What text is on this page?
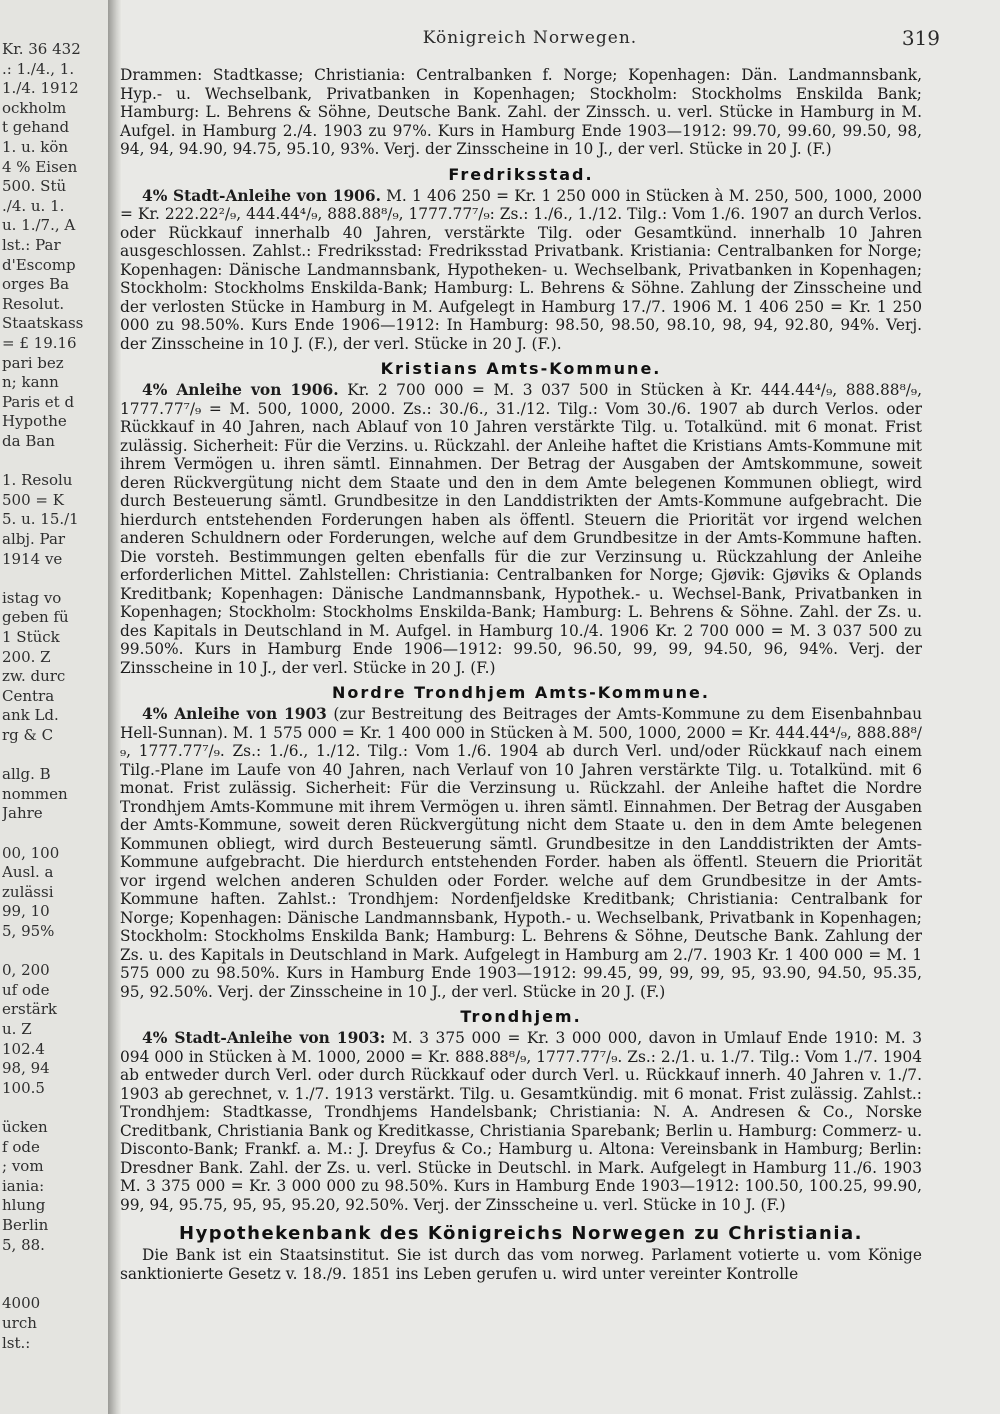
Kr. 36 432
.: 1./4., 1.
1./4. 1912
ockholm
t gehand
1. u. kön
4 % Eisen
500. Stü
./4. u. 1.
u. 1./7., A
lst.: Par
d'Escomp
orges Ba
Resolut.
Staatskass
= £ 19.16
pari bez
n; kann
Paris et d
Hypothe
da Ban
1. Resolu
500 = K
5. u. 15./1
albj. Par
1914 ve
istag vo
geben fü
1 Stück
200. Z
zw. durc
Centra
ank Ld.
rg & C
allg. B
nommen
Jahre
00, 100
Ausl. a
zulässi
99, 10
5, 95%
0, 200
uf ode
erstärk
u. Z
102.4
98, 94
100.5
ücken
f ode
; vom
iania:
hlung
Berlin
5, 88.
4000
urch
lst.:
Königreich Norwegen.	319

Drammen: Stadtkasse; Christiania: Centralbanken f. Norge; Kopenhagen: Dän. Landmannsbank, Hyp.- u. Wechselbank, Privatbanken in Kopenhagen; Stockholm: Stockholms Enskilda Bank; Hamburg: L. Behrens & Söhne, Deutsche Bank. Zahl. der Zinssch. u. verl. Stücke in Hamburg in M. Aufgel. in Hamburg 2./4. 1903 zu 97%. Kurs in Hamburg Ende 1903—1912: 99.70, 99.60, 99.50, 98, 94, 94, 94.90, 94.75, 95.10, 93%. Verj. der Zinsscheine in 10 J., der verl. Stücke in 20 J. (F.)

Fredriksstad.

4% Stadt-Anleihe von 1906. M. 1 406 250 = Kr. 1 250 000 in Stücken à M. 250, 500, 1000, 2000 = Kr. 222.22²/₉, 444.44⁴/₉, 888.88⁸/₉, 1777.77⁷/₉: Zs.: 1./6., 1./12. Tilg.: Vom 1./6. 1907 an durch Verlos. oder Rückkauf innerhalb 40 Jahren, verstärkte Tilg. oder Gesamtkünd. innerhalb 10 Jahren ausgeschlossen. Zahlst.: Fredriksstad: Fredriksstad Privatbank. Kristiania: Centralbanken for Norge; Kopenhagen: Dänische Landmannsbank, Hypotheken- u. Wechselbank, Privatbanken in Kopenhagen; Stockholm: Stockholms Enskilda-Bank; Hamburg: L. Behrens & Söhne. Zahlung der Zinsscheine und der verlosten Stücke in Hamburg in M. Aufgelegt in Hamburg 17./7. 1906 M. 1 406 250 = Kr. 1 250 000 zu 98.50%. Kurs Ende 1906—1912: In Hamburg: 98.50, 98.50, 98.10, 98, 94, 92.80, 94%. Verj. der Zinsscheine in 10 J. (F.), der verl. Stücke in 20 J. (F.).

Kristians Amts-Kommune.

4% Anleihe von 1906. Kr. 2 700 000 = M. 3 037 500 in Stücken à Kr. 444.44⁴/₉, 888.88⁸/₉, 1777.77⁷/₉ = M. 500, 1000, 2000. Zs.: 30./6., 31./12. Tilg.: Vom 30./6. 1907 ab durch Verlos. oder Rückkauf in 40 Jahren, nach Ablauf von 10 Jahren verstärkte Tilg. u. Totalkünd. mit 6 monat. Frist zulässig. Sicherheit: Für die Verzins. u. Rückzahl. der Anleihe haftet die Kristians Amts-Kommune mit ihrem Vermögen u. ihren sämtl. Einnahmen. Der Betrag der Ausgaben der Amtskommune, soweit deren Rückvergütung nicht dem Staate und den in dem Amte belegenen Kommunen obliegt, wird durch Besteuerung sämtl. Grundbesitze in den Landdistrikten der Amts-Kommune aufgebracht. Die hierdurch entstehenden Forderungen haben als öffentl. Steuern die Priorität vor irgend welchen anderen Schuldnern oder Forderungen, welche auf dem Grundbesitze in der Amts-Kommune haften. Die vorsteh. Bestimmungen gelten ebenfalls für die zur Verzinsung u. Rückzahlung der Anleihe erforderlichen Mittel. Zahlstellen: Christiania: Centralbanken for Norge; Gjøvik: Gjøviks & Oplands Kreditbank; Kopenhagen: Dänische Landmannsbank, Hypothek.- u. Wechsel-Bank, Privatbanken in Kopenhagen; Stockholm: Stockholms Enskilda-Bank; Hamburg: L. Behrens & Söhne. Zahl. der Zs. u. des Kapitals in Deutschland in M. Aufgel. in Hamburg 10./4. 1906 Kr. 2 700 000 = M. 3 037 500 zu 99.50%. Kurs in Hamburg Ende 1906—1912: 99.50, 96.50, 99, 99, 94.50, 96, 94%. Verj. der Zinsscheine in 10 J., der verl. Stücke in 20 J. (F.)

Nordre Trondhjem Amts-Kommune.

4% Anleihe von 1903 (zur Bestreitung des Beitrages der Amts-Kommune zu dem Eisenbahnbau Hell-Sunnan). M. 1 575 000 = Kr. 1 400 000 in Stücken à M. 500, 1000, 2000 = Kr. 444.44⁴/₉, 888.88⁸/₉, 1777.77⁷/₉. Zs.: 1./6., 1./12. Tilg.: Vom 1./6. 1904 ab durch Verl. und/oder Rückkauf nach einem Tilg.-Plane im Laufe von 40 Jahren, nach Verlauf von 10 Jahren verstärkte Tilg. u. Totalkünd. mit 6 monat. Frist zulässig. Sicherheit: Für die Verzinsung u. Rückzahl. der Anleihe haftet die Nordre Trondhjem Amts-Kommune mit ihrem Vermögen u. ihren sämtl. Einnahmen. Der Betrag der Ausgaben der Amts-Kommune, soweit deren Rückvergütung nicht dem Staate u. den in dem Amte belegenen Kommunen obliegt, wird durch Besteuerung sämtl. Grundbesitze in den Landdistrikten der Amts-Kommune aufgebracht. Die hierdurch entstehenden Forder. haben als öffentl. Steuern die Priorität vor irgend welchen anderen Schulden oder Forder. welche auf dem Grundbesitze in der Amts-Kommune haften. Zahlst.: Trondhjem: Nordenfjeldske Kreditbank; Christiania: Centralbank for Norge; Kopenhagen: Dänische Landmannsbank, Hypoth.- u. Wechselbank, Privatbank in Kopenhagen; Stockholm: Stockholms Enskilda Bank; Hamburg: L. Behrens & Söhne, Deutsche Bank. Zahlung der Zs. u. des Kapitals in Deutschland in Mark. Aufgelegt in Hamburg am 2./7. 1903 Kr. 1 400 000 = M. 1 575 000 zu 98.50%. Kurs in Hamburg Ende 1903—1912: 99.45, 99, 99, 99, 95, 93.90, 94.50, 95.35, 95, 92.50%. Verj. der Zinsscheine in 10 J., der verl. Stücke in 20 J. (F.)

Trondhjem.

4% Stadt-Anleihe von 1903: M. 3 375 000 = Kr. 3 000 000, davon in Umlauf Ende 1910: M. 3 094 000 in Stücken à M. 1000, 2000 = Kr. 888.88⁸/₉, 1777.77⁷/₉. Zs.: 2./1. u. 1./7. Tilg.: Vom 1./7. 1904 ab entweder durch Verl. oder durch Rückkauf oder durch Verl. u. Rückkauf innerh. 40 Jahren v. 1./7. 1903 ab gerechnet, v. 1./7. 1913 verstärkt. Tilg. u. Gesamtkündig. mit 6 monat. Frist zulässig. Zahlst.: Trondhjem: Stadtkasse, Trondhjems Handelsbank; Christiania: N. A. Andresen & Co., Norske Creditbank, Christiania Bank og Kreditkasse, Christiania Sparebank; Berlin u. Hamburg: Commerz- u. Disconto-Bank; Frankf. a. M.: J. Dreyfus & Co.; Hamburg u. Altona: Vereinsbank in Hamburg; Berlin: Dresdner Bank. Zahl. der Zs. u. verl. Stücke in Deutschl. in Mark. Aufgelegt in Hamburg 11./6. 1903 M. 3 375 000 = Kr. 3 000 000 zu 98.50%. Kurs in Hamburg Ende 1903—1912: 100.50, 100.25, 99.90, 99, 94, 95.75, 95, 95, 95.20, 92.50%. Verj. der Zinsscheine u. verl. Stücke in 10 J. (F.)

Hypothekenbank des Königreichs Norwegen zu Christiania.

Die Bank ist ein Staatsinstitut. Sie ist durch das vom norweg. Parlament votierte u. vom Könige sanktionierte Gesetz v. 18./9. 1851 ins Leben gerufen u. wird unter vereinter Kontrolle
